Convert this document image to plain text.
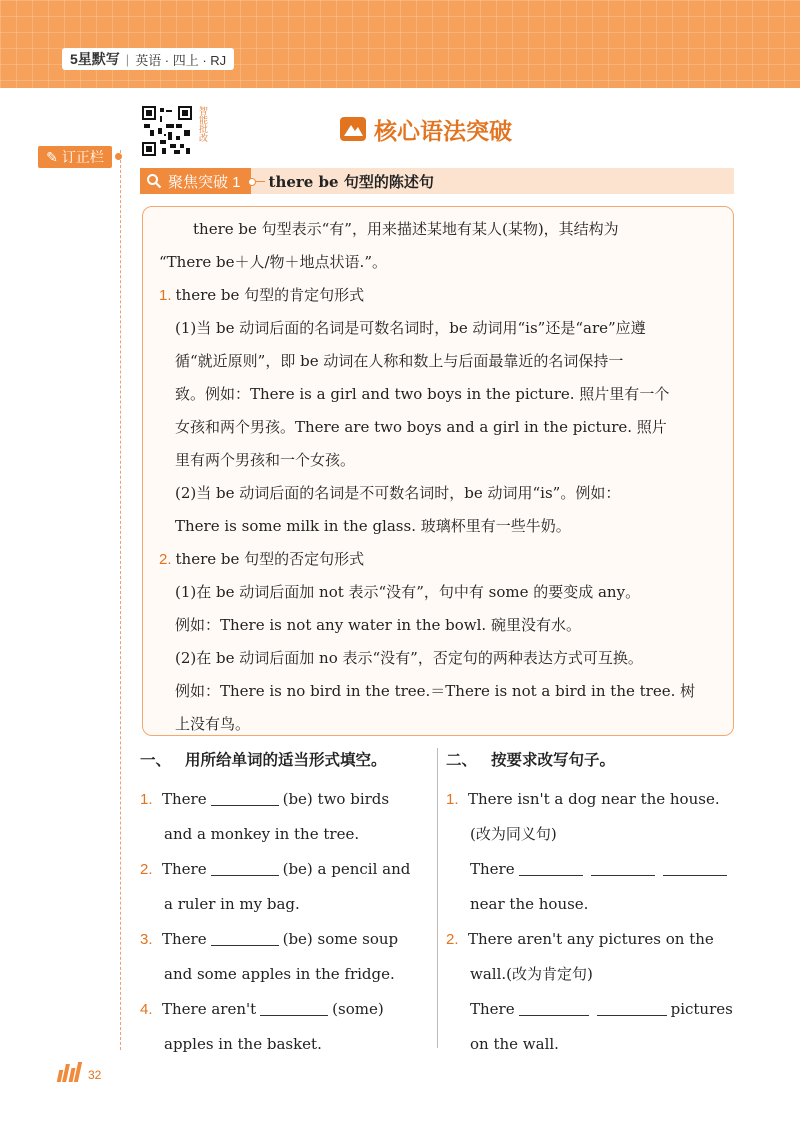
5星默写 | 英语 · 四上 · RJ
✎ 订正栏
智能批改	核心语法突破
聚焦突破 1 there be 句型的陈述句

there be 句型表示“有”，用来描述某地有某人(某物)，其结构为

“There be＋人/物＋地点状语.”。

1. there be 句型的肯定句形式

(1)当 be 动词后面的名词是可数名词时，be 动词用“is”还是“are”应遵

循“就近原则”，即 be 动词在人称和数上与后面最靠近的名词保持一

致。例如：There is a girl and two boys in the picture. 照片里有一个

女孩和两个男孩。There are two boys and a girl in the picture. 照片

里有两个男孩和一个女孩。

(2)当 be 动词后面的名词是不可数名词时，be 动词用“is”。例如：

There is some milk in the glass. 玻璃杯里有一些牛奶。

2. there be 句型的否定句形式

(1)在 be 动词后面加 not 表示“没有”，句中有 some 的要变成 any。

例如：There is not any water in the bowl. 碗里没有水。

(2)在 be 动词后面加 no 表示“没有”，否定句的两种表达方式可互换。

例如：There is no bird in the tree.＝There is not a bird in the tree. 树

上没有鸟。

一、 用所给单词的适当形式填空。
1. There	(be) two birds
and a monkey in the tree.
2. There	(be) a pencil and
a ruler in my bag.
3. There	(be) some soup
and some apples in the fridge.
4. There aren't	(some)
apples in the basket.
二、 按要求改写句子。
1. There isn't a dog near the house.
(改为同义句)
There
near the house.
2. There aren't any pictures on the
wall.(改为肯定句)
There	pictures
on the wall.
32
